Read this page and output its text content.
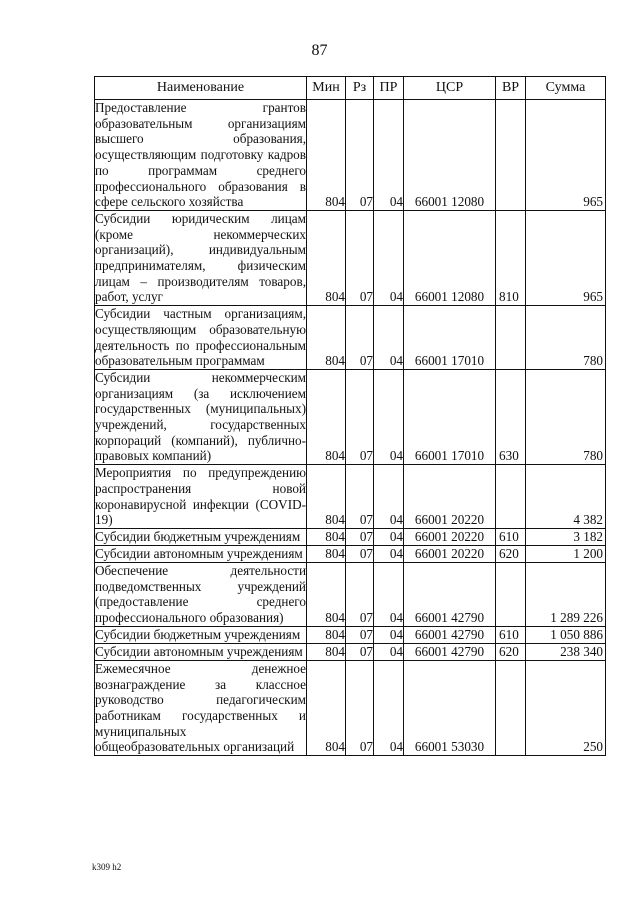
87
Наименование	Мин	Рз	ПР	ЦСР	ВР	Сумма
Предоставление грантов образовательным организациям высшего образования, осуществляющим подготовку кадров по программам среднего профессионального образования в сфере сельского хозяйства	804	07	04	66001 12080		965
Субсидии юридическим лицам (кроме некоммерческих организаций), индивидуальным предпринимателям, физическим лицам – производителям товаров, работ, услуг	804	07	04	66001 12080	810	965
Субсидии частным организациям, осуществляющим образовательную деятельность по профессиональным образовательным программам	804	07	04	66001 17010		780
Субсидии некоммерческим организациям (за исключением государственных (муниципальных) учреждений, государственных корпораций (компаний), публично-правовых компаний)	804	07	04	66001 17010	630	780
Мероприятия по предупреждению распространения новой коронавирусной инфекции (COVID-19)	804	07	04	66001 20220		4 382
Субсидии бюджетным учреждениям	804	07	04	66001 20220	610	3 182
Субсидии автономным учреждениям	804	07	04	66001 20220	620	1 200
Обеспечение деятельности подведомственных учреждений (предоставление среднего профессионального образования)	804	07	04	66001 42790		1 289 226
Субсидии бюджетным учреждениям	804	07	04	66001 42790	610	1 050 886
Субсидии автономным учреждениям	804	07	04	66001 42790	620	238 340
Ежемесячное денежное вознаграждение за классное руководство педагогическим работникам государственных и муниципальных общеобразовательных организаций	804	07	04	66001 53030		250
k309 h2
